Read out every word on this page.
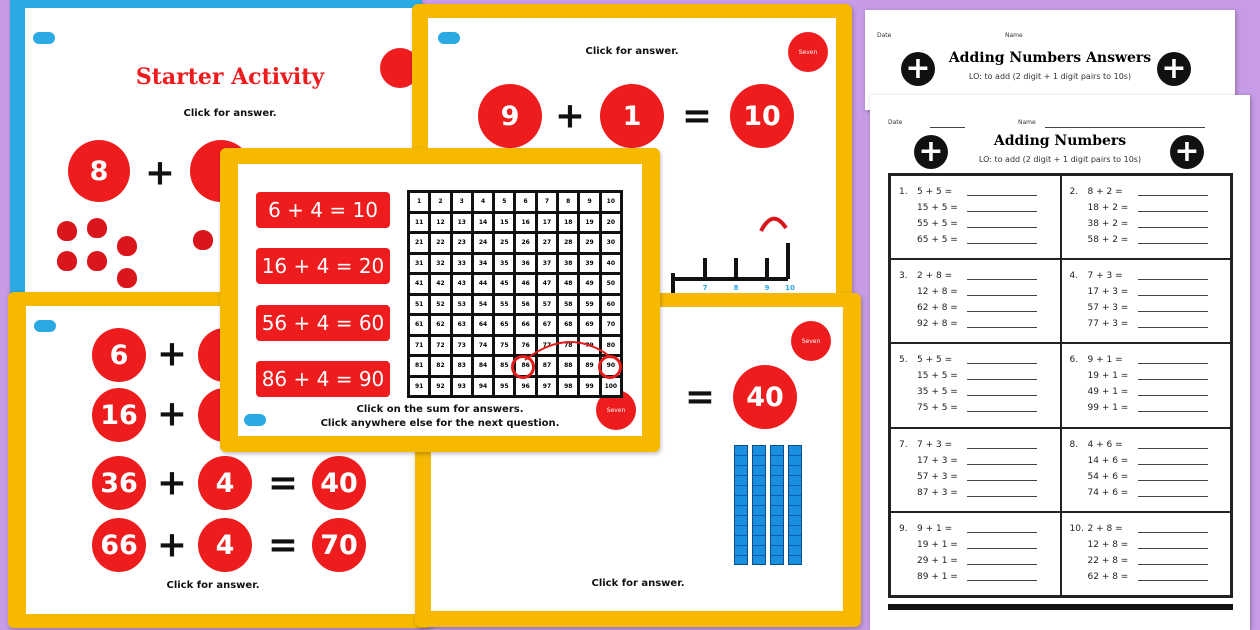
Starter Activity
Click for answer.
8	+
Seven
Click for answer.
9 +	1	=	10
7	8	9 10
6 +
16 +
36 +	4 = 40
66 +	4 = 70
Click for answer.
Seven
=	40
Click for answer.
Seven
6 + 4 = 10
16 + 4 = 20
56 + 4 = 60
86 + 4 = 90
1	2	3	4	5	6	7	8	9	10
11	12	13	14	15	16	17	18	19	20
21	22	23	24	25	26	27	28	29	30
31	32	33	34	35	36	37	38	39	40
41	42	43	44	45	46	47	48	49	50
51	52	53	54	55	56	57	58	59	60
61	62	63	64	65	66	67	68	69	70
71	72	73	74	75	76	77	78	79	80
81	82	83	84	85	86	87	88	89	90
91	92	93	94	95	96	97	98	99	100
Click on the sum for answers.
Click anywhere else for the next question.
Date	Name
+	+
Adding Numbers Answers
LO: to add (2 digit + 1 digit pairs to 10s)
Date	Name
+	+
Adding Numbers
LO: to add (2 digit + 1 digit pairs to 10s)
1.	5 + 5 =
15 + 5 =
55 + 5 =
65 + 5 =
2.	8 + 2 =
18 + 2 =
38 + 2 =
58 + 2 =
3.	2 + 8 =
12 + 8 =
62 + 8 =
92 + 8 =
4.	7 + 3 =
17 + 3 =
57 + 3 =
77 + 3 =
5.	5 + 5 =
15 + 5 =
35 + 5 =
75 + 5 =
6.	9 + 1 =
19 + 1 =
49 + 1 =
99 + 1 =
7.	7 + 3 =
17 + 3 =
57 + 3 =
87 + 3 =
8.	4 + 6 =
14 + 6 =
54 + 6 =
74 + 6 =
9.	9 + 1 =
19 + 1 =
29 + 1 =
89 + 1 =
10. 2 + 8 =
12 + 8 =
22 + 8 =
62 + 8 =
